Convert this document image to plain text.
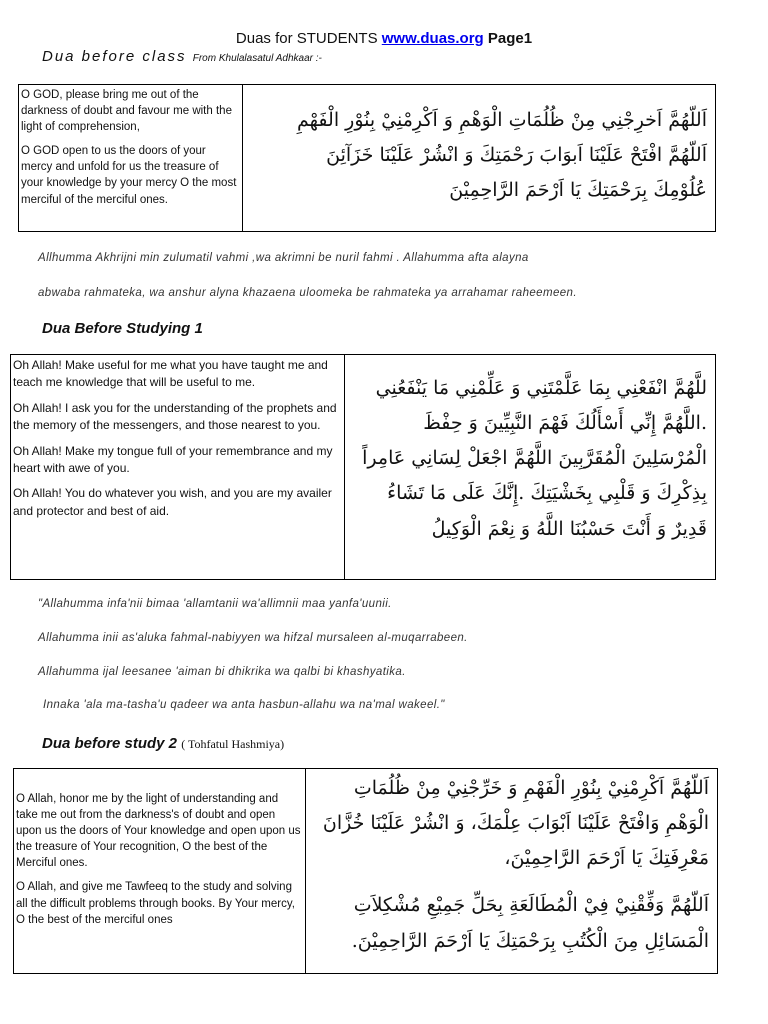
Duas for STUDENTS www.duas.org Page1
Dua before class From Khulalasatul Adhkaar :-

O GOD, please bring me out of the darkness of doubt and favour me with the light of comprehension,

O GOD open to us the doors of your mercy and unfold for us the treasure of your knowledge by your mercy O the most merciful of the merciful ones.

اَللّهُمَّ اَخرِجْنِي مِنْ ظُلُمَاتِ الْوَهْمِ وَ اَكْرِمْنِيْ بِنُوْرِ الْفَهْمِ
اَللّهُمَّ افْتَحْ عَلَيْنَا اَبوَابَ رَحْمَتِكَ وَ انْشُرْ عَلَيْنَا خَزَآئِنَ
عُلُوْمِكَ بِرَحْمَتِكَ يَا اَرْحَمَ الرَّاحِمِيْنَ
Allhumma Akhrijni min zulumatil vahmi ,wa akrimni be nuril fahmi . Allahumma afta alayna
abwaba rahmateka, wa anshur alyna khazaena uloomeka be rahmateka ya arrahamar raheemeen.
Dua Before Studying 1

Oh Allah! Make useful for me what you have taught me and teach me knowledge that will be useful to me.

Oh Allah! I ask you for the understanding of the prophets and the memory of the messengers, and those nearest to you.

Oh Allah! Make my tongue full of your remembrance and my heart with awe of you.

Oh Allah! You do whatever you wish, and you are my availer and protector and best of aid.

للَّهُمَّ انْفَعْنِي بِمَا عَلَّمْتَنِي وَ عَلِّمْنِي مَا يَنْفَعُنِي
.اللَّهُمَّ إِنِّي أَسْأَلُكَ فَهْمَ النَّبِيِّينَ وَ حِفْظَ
الْمُرْسَلِينَ الْمُقَرَّبِينَ اللَّهُمَّ اجْعَلْ لِسَانِي عَامِراً
بِذِكْرِكَ وَ قَلْبِي بِخَشْيَتِكَ .إِنَّكَ عَلَى مَا تَشَاءُ
قَدِيرٌ وَ أَنْتَ حَسْبُنَا اللَّهُ وَ نِعْمَ الْوَكِيلُ
"Allahumma infa'nii bimaa 'allamtanii wa'allimnii maa yanfa'uunii.
Allahumma inii as'aluka fahmal-nabiyyen wa hifzal mursaleen al-muqarrabeen.
Allahumma ijal leesanee 'aiman bi dhikrika wa qalbi bi khashyatika.
Innaka 'ala ma-tasha'u qadeer wa anta hasbun-allahu wa na'mal wakeel."
Dua before study 2 ( Tohfatul Hashmiya)

O Allah, honor me by the light of understanding and take me out from the darkness's of doubt and open upon us the doors of Your knowledge and open upon us the treasure of Your recognition, O the best of the Merciful ones.

O Allah, and give me Tawfeeq to the study and solving all the difficult problems through books. By Your mercy, O the best of the merciful ones

اَللّهُمَّ اَكْرِمْنِيْ بِنُوْرِ الْفَهْمِ وَ خَرِّجْنِيْ مِنْ ظُلُمَاتِ
الْوَهْمِ وَافْتَحْ عَلَيْنَا اَبْوَابَ عِلْمَكَ، وَ انْشُرْ عَلَيْنَا خُزَّانَ
مَعْرِفَتِكَ يَا اَرْحَمَ الرَّاحِمِيْنَ،
اَللّهُمَّ وَفِّقْنِيْ فِيْ الْمُطَالَعَةِ بِحَلِّ جَمِيْعِ مُشْكِلاَتِ
الْمَسَائِلِ مِنَ الْكُتُبِ بِرَحْمَتِكَ يَا اَرْحَمَ الرَّاحِمِيْنَ.
